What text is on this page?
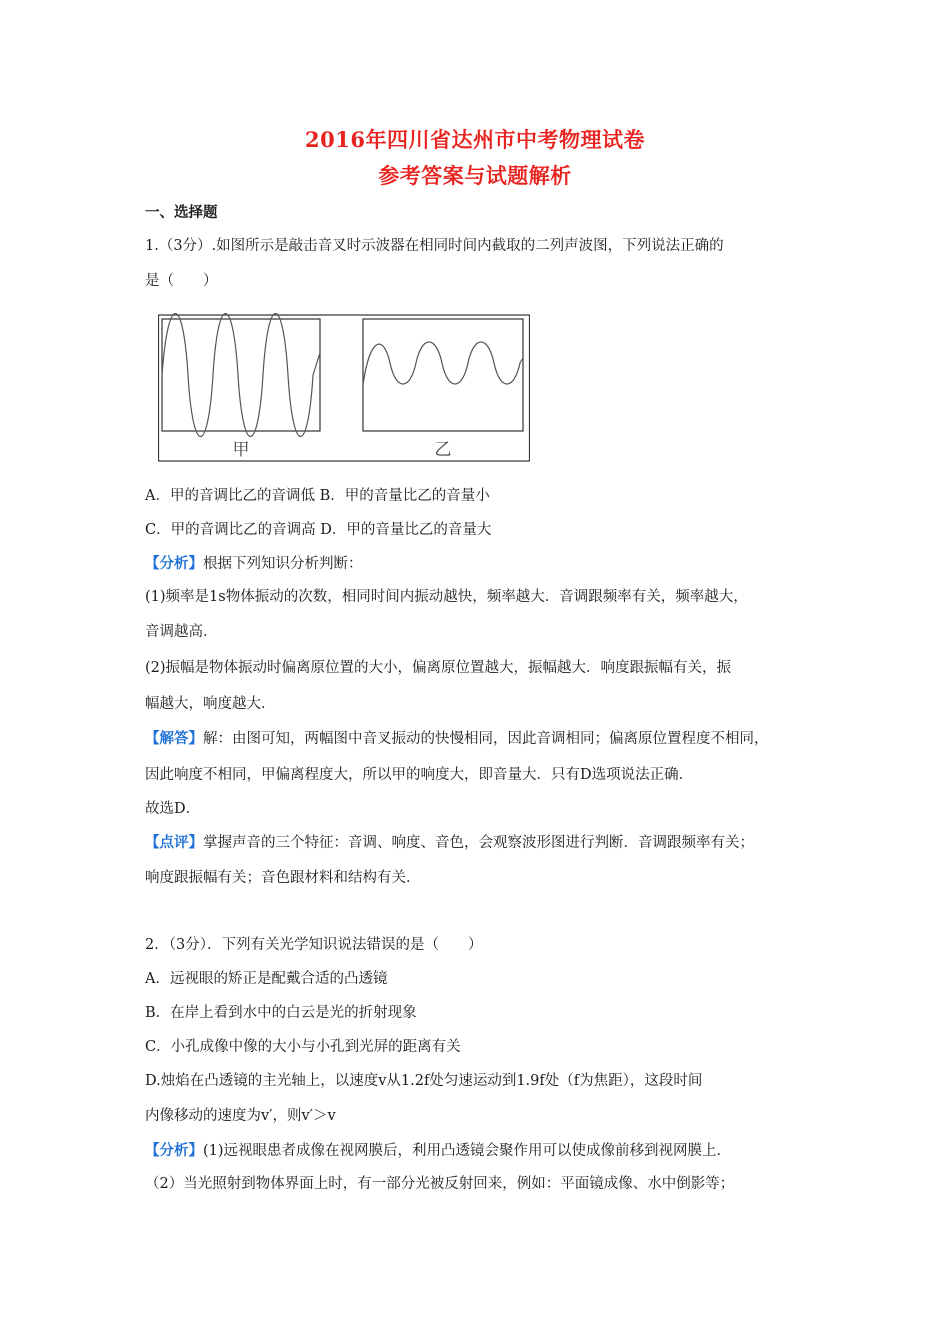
2016年四川省达州市中考物理试卷
参考答案与试题解析
一、选择题
1.（3分）.如图所示是敲击音叉时示波器在相同时间内截取的二列声波图，下列说法正确的
是（　　）
甲	乙
A．甲的音调比乙的音调低 B．甲的音量比乙的音量小
C．甲的音调比乙的音调高 D．甲的音量比乙的音量大
【分析】根据下列知识分析判断：
(1)频率是1s物体振动的次数，相同时间内振动越快，频率越大．音调跟频率有关，频率越大，
音调越高．
(2)振幅是物体振动时偏离原位置的大小，偏离原位置越大，振幅越大．响度跟振幅有关，振
幅越大，响度越大．
【解答】解：由图可知，两幅图中音叉振动的快慢相同，因此音调相同；偏离原位置程度不相同，
因此响度不相同，甲偏离程度大，所以甲的响度大，即音量大．只有D选项说法正确．
故选D．
【点评】掌握声音的三个特征：音调、响度、音色，会观察波形图进行判断．音调跟频率有关；
响度跟振幅有关；音色跟材料和结构有关．
2．（3分）．下列有关光学知识说法错误的是（　　）
A．远视眼的矫正是配戴合适的凸透镜
B．在岸上看到水中的白云是光的折射现象
C．小孔成像中像的大小与小孔到光屏的距离有关
D.烛焰在凸透镜的主光轴上，以速度v从1.2f处匀速运动到1.9f处（f为焦距），这段时间
内像移动的速度为v′，则v′＞v
【分析】(1)远视眼患者成像在视网膜后，利用凸透镜会聚作用可以使成像前移到视网膜上．
（2）当光照射到物体界面上时，有一部分光被反射回来，例如：平面镜成像、水中倒影等；
